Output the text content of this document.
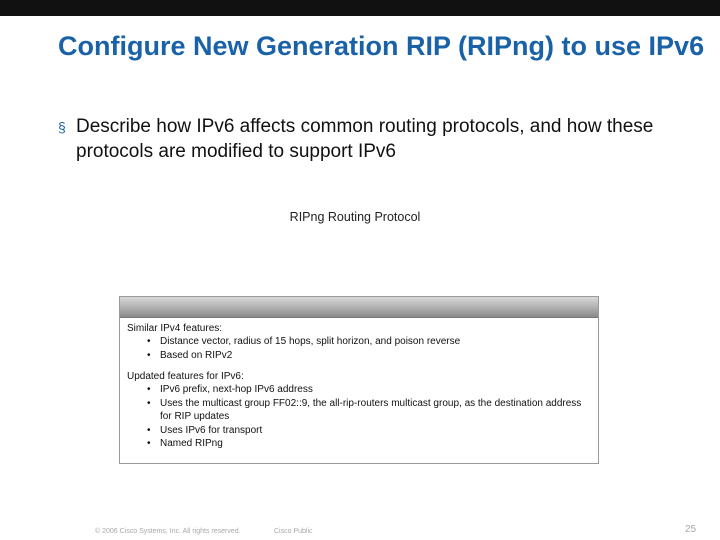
Configure New Generation RIP (RIPng) to use IPv6
§ Describe how IPv6 affects common routing protocols, and how these protocols are modified to support IPv6
RIPng Routing Protocol
Similar IPv4 features:
• Distance vector, radius of 15 hops, split horizon, and poison reverse
• Based on RIPv2
Updated features for IPv6:
• IPv6 prefix, next-hop IPv6 address
• Uses the multicast group FF02::9, the all-rip-routers multicast group, as the destination address for RIP updates
• Uses IPv6 for transport
• Named RIPng
© 2006 Cisco Systems, Inc. All rights reserved.	Cisco Public	25
